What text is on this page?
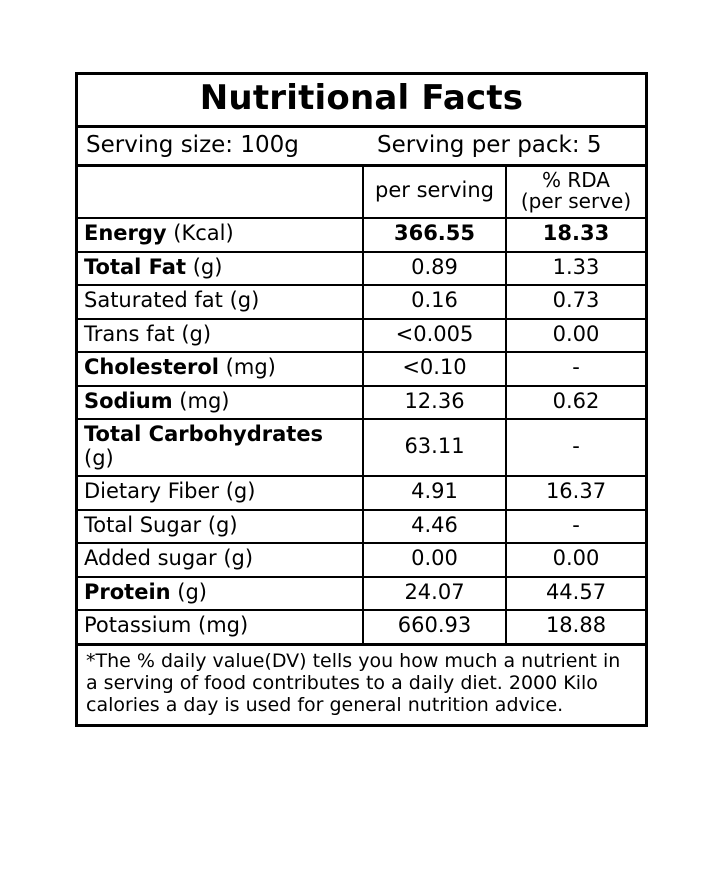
Nutritional Facts
Serving size: 100g	Serving per pack: 5
	per serving	% RDA
(per serve)

Energy (Kcal)	366.55	18.33
Total Fat (g)	0.89	1.33
Saturated fat (g)	0.16	0.73
Trans fat (g)	<0.005	0.00
Cholesterol (mg)	<0.10	-
Sodium (mg)	12.36	0.62
Total Carbohydrates (g)	63.11	-
Dietary Fiber (g)	4.91	16.37
Total Sugar (g)	4.46	-
Added sugar (g)	0.00	0.00
Protein (g)	24.07	44.57
Potassium (mg)	660.93	18.88
*The % daily value(DV) tells you how much a nutrient in a serving of food contributes to a daily diet. 2000 Kilo calories a day is used for general nutrition advice.
